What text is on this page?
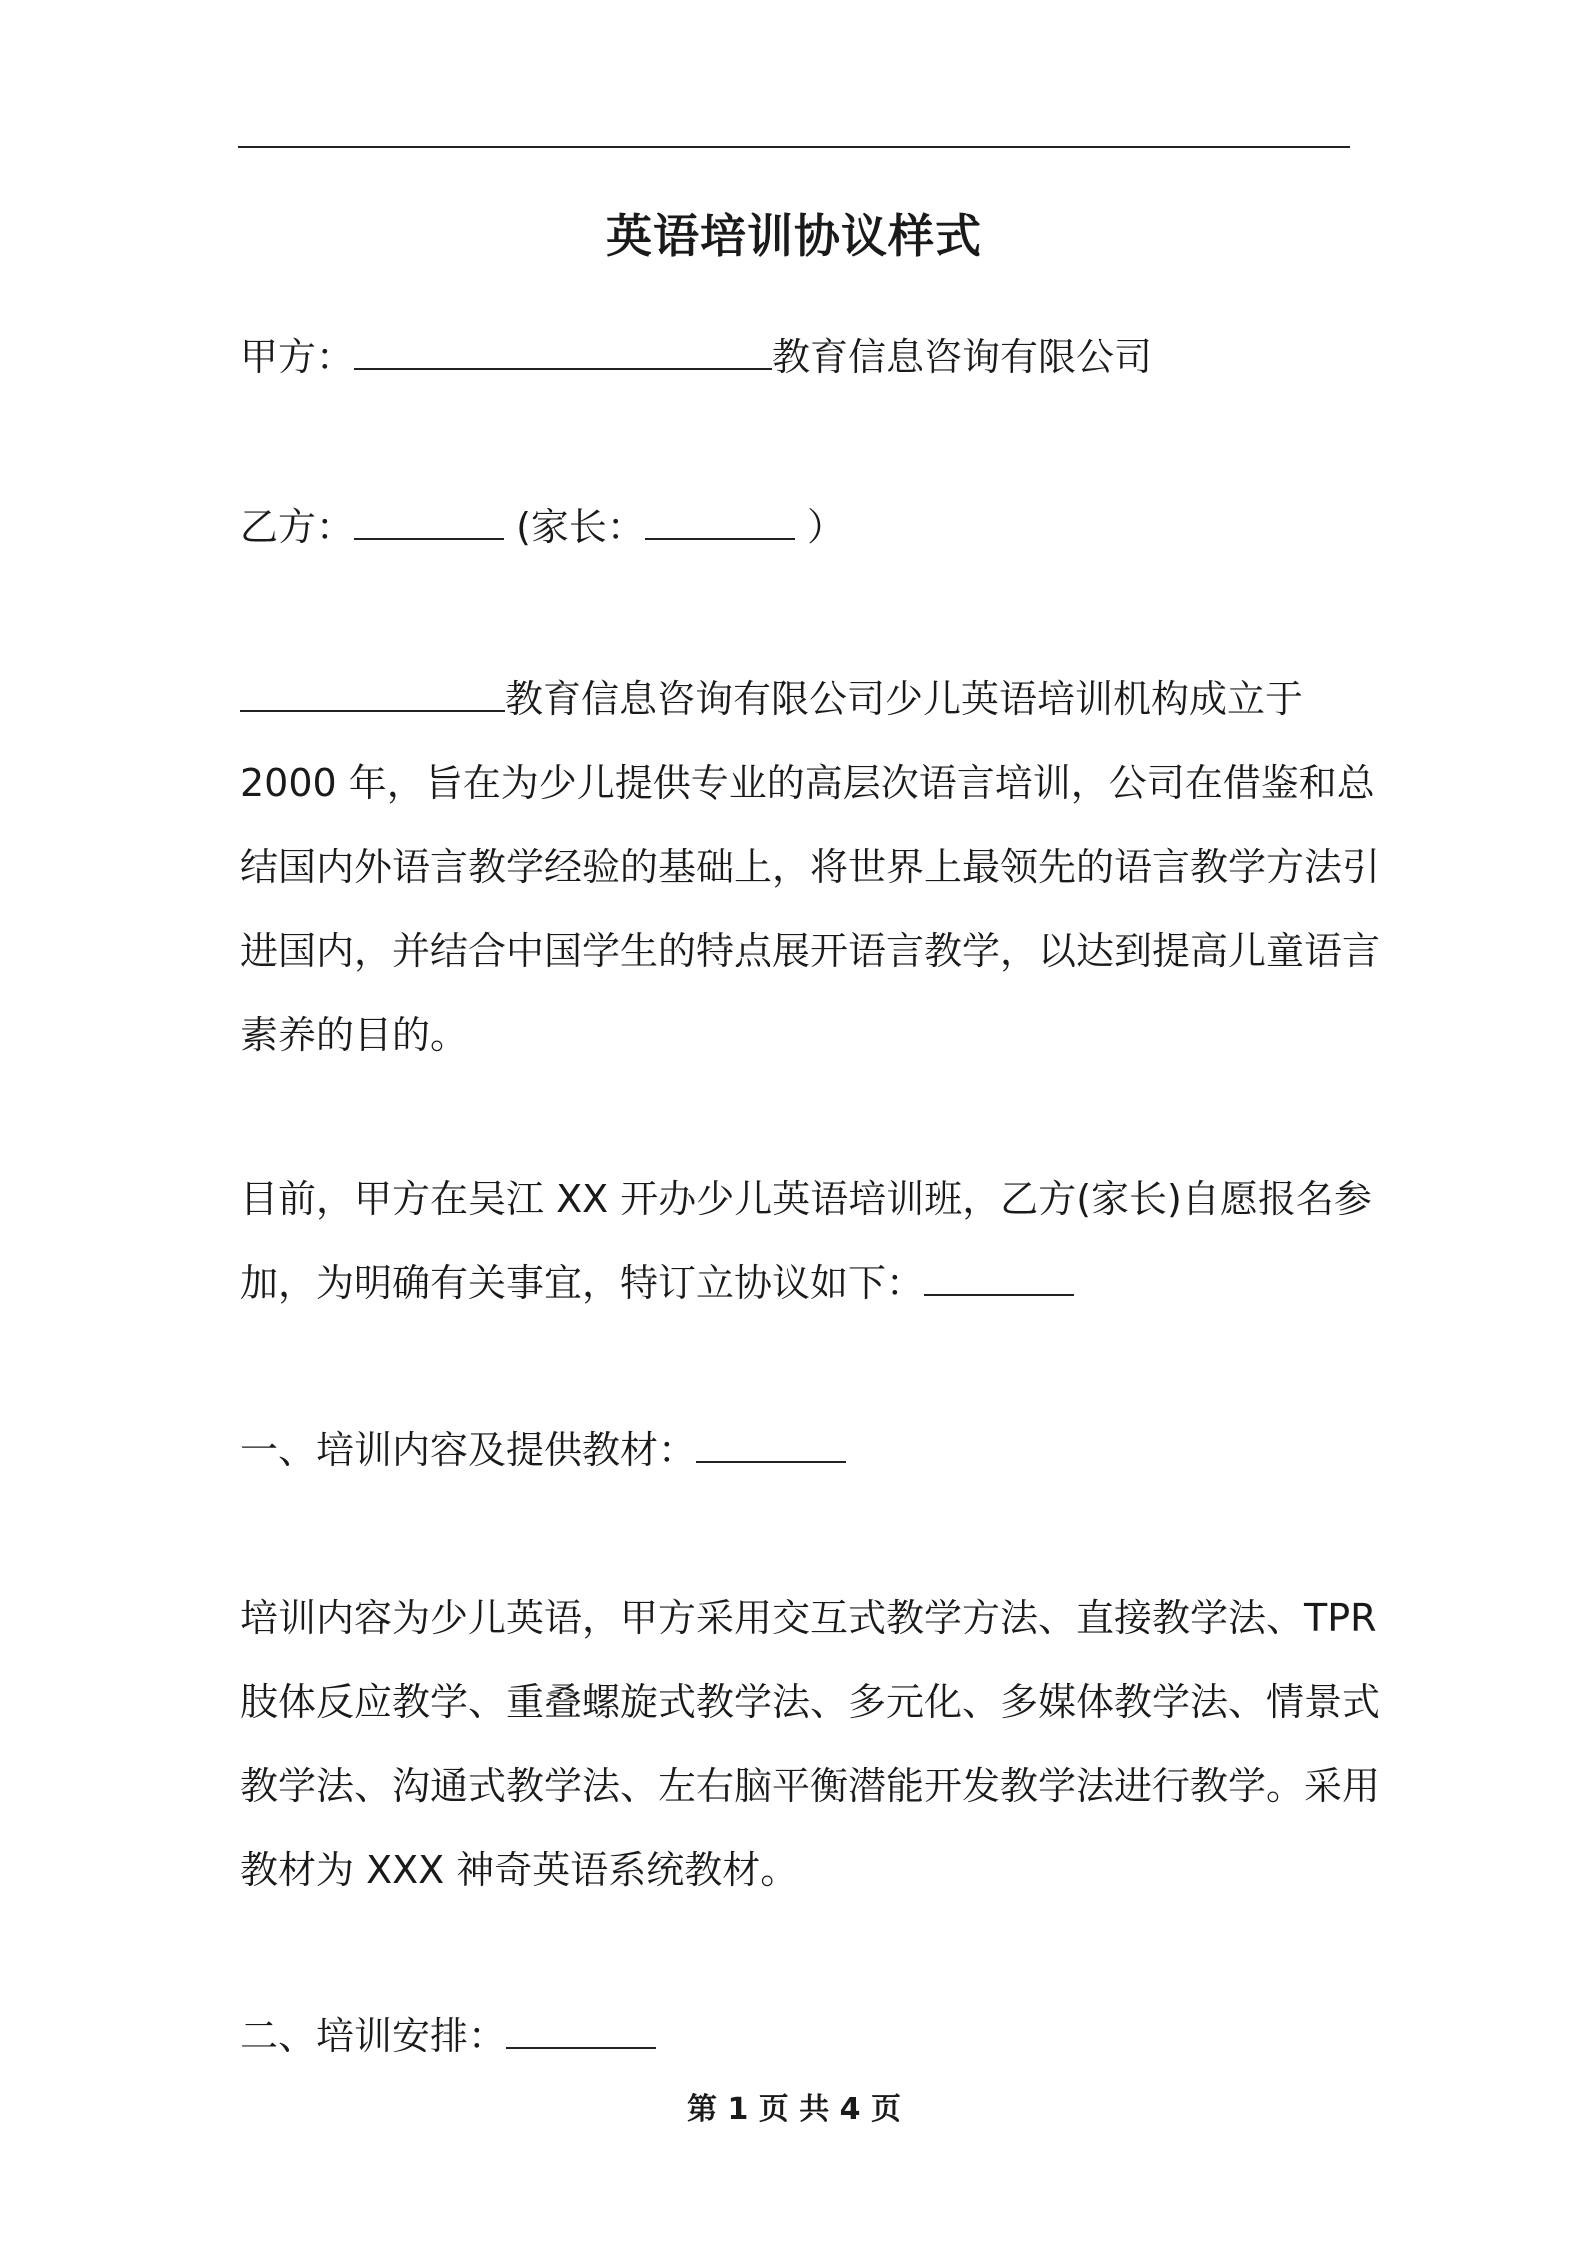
英语培训协议样式
甲方：	教育信息咨询有限公司
乙方：	(家长：	）
教育信息咨询有限公司少儿英语培训机构成立于
2000 年，旨在为少儿提供专业的高层次语言培训，公司在借鉴和总
结国内外语言教学经验的基础上，将世界上最领先的语言教学方法引
进国内，并结合中国学生的特点展开语言教学，以达到提高儿童语言
素养的目的。
目前，甲方在吴江 XX 开办少儿英语培训班，乙方(家长)自愿报名参
加，为明确有关事宜，特订立协议如下：
一、培训内容及提供教材：
培训内容为少儿英语，甲方采用交互式教学方法、直接教学法、TPR
肢体反应教学、重叠螺旋式教学法、多元化、多媒体教学法、情景式
教学法、沟通式教学法、左右脑平衡潜能开发教学法进行教学。采用
教材为 XXX 神奇英语系统教材。
二、培训安排：
第 1 页 共 4 页
